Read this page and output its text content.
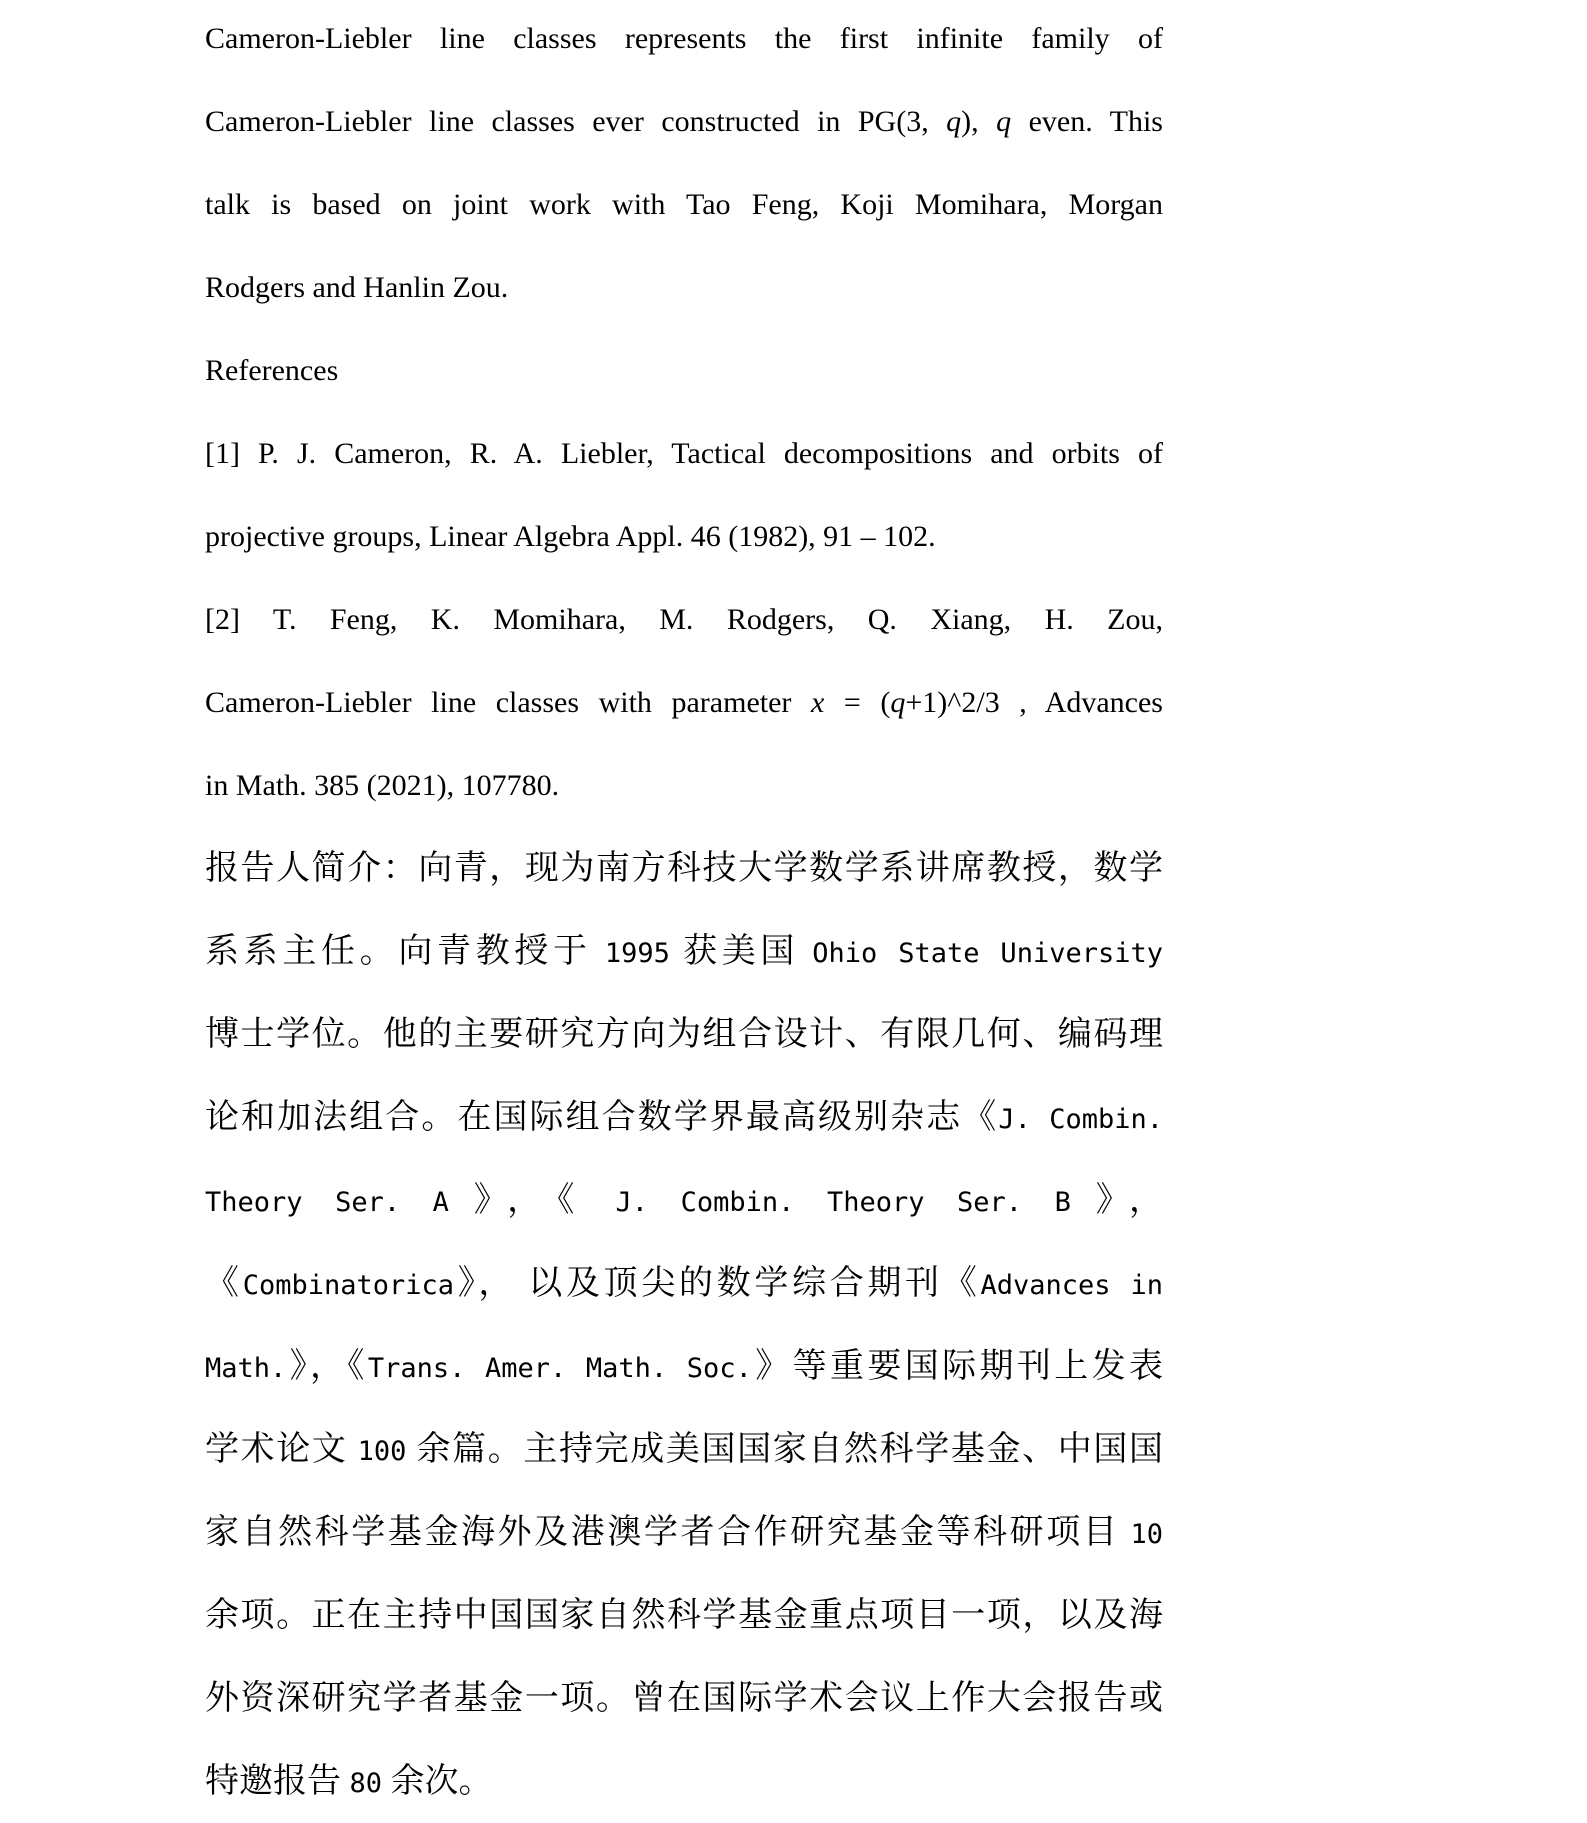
Cameron-Liebler line classes represents the first infinite family of
Cameron-Liebler line classes ever constructed in PG(3, q), q even. This
talk is based on joint work with Tao Feng, Koji Momihara, Morgan
Rodgers and Hanlin Zou.
References
[1] P. J. Cameron, R. A. Liebler, Tactical decompositions and orbits of
projective groups, Linear Algebra Appl. 46 (1982), 91 – 102.
[2] T. Feng, K. Momihara, M. Rodgers, Q. Xiang, H. Zou,
Cameron-Liebler line classes with parameter x = (q+1)^2/3 , Advances
in Math. 385 (2021), 107780.
报告人简介：向青，现为南方科技大学数学系讲席教授，数学
系系主任。向青教授于 1995 获美国 Ohio State University
博士学位。他的主要研究方向为组合设计、有限几何、编码理
论和加法组合。在国际组合数学界最高级别杂志《J. Combin.
Theory Ser. A 》，《 J. Combin. Theory Ser. B 》，
《Combinatorica》， 以及顶尖的数学综合期刊《Advances in
Math.》，《Trans. Amer. Math. Soc.》等重要国际期刊上发表
学术论文 100 余篇。主持完成美国国家自然科学基金、中国国
家自然科学基金海外及港澳学者合作研究基金等科研项目 10
余项。正在主持中国国家自然科学基金重点项目一项，以及海
外资深研究学者基金一项。曾在国际学术会议上作大会报告或
特邀报告 80 余次。
